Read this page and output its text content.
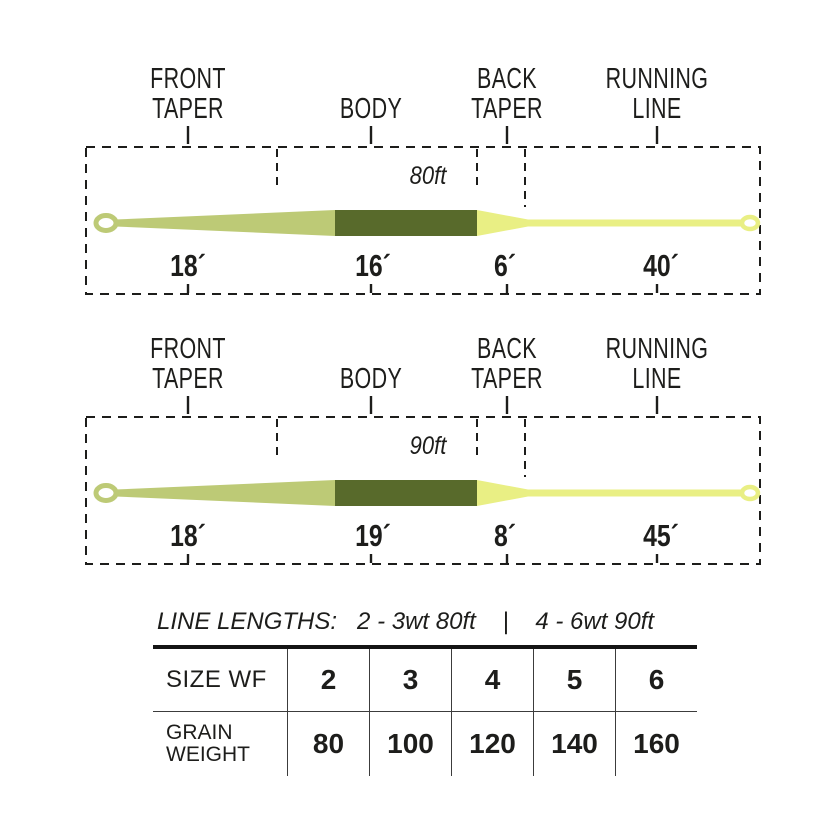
FRONT
TAPER	BODY
BACK
TAPER
RUNNING
LINE
80ft
18´	16´	6´	40´
FRONT
TAPER	BODY
BACK
TAPER
RUNNING
LINE
90ft
18´	19´	8´	45´
LINE LENGTHS:   2 - 3wt 80ft    |    4 - 6wt 90ft
SIZE WF	2	3	4	5	6
GRAIN
WEIGHT	80	100	120	140	160
